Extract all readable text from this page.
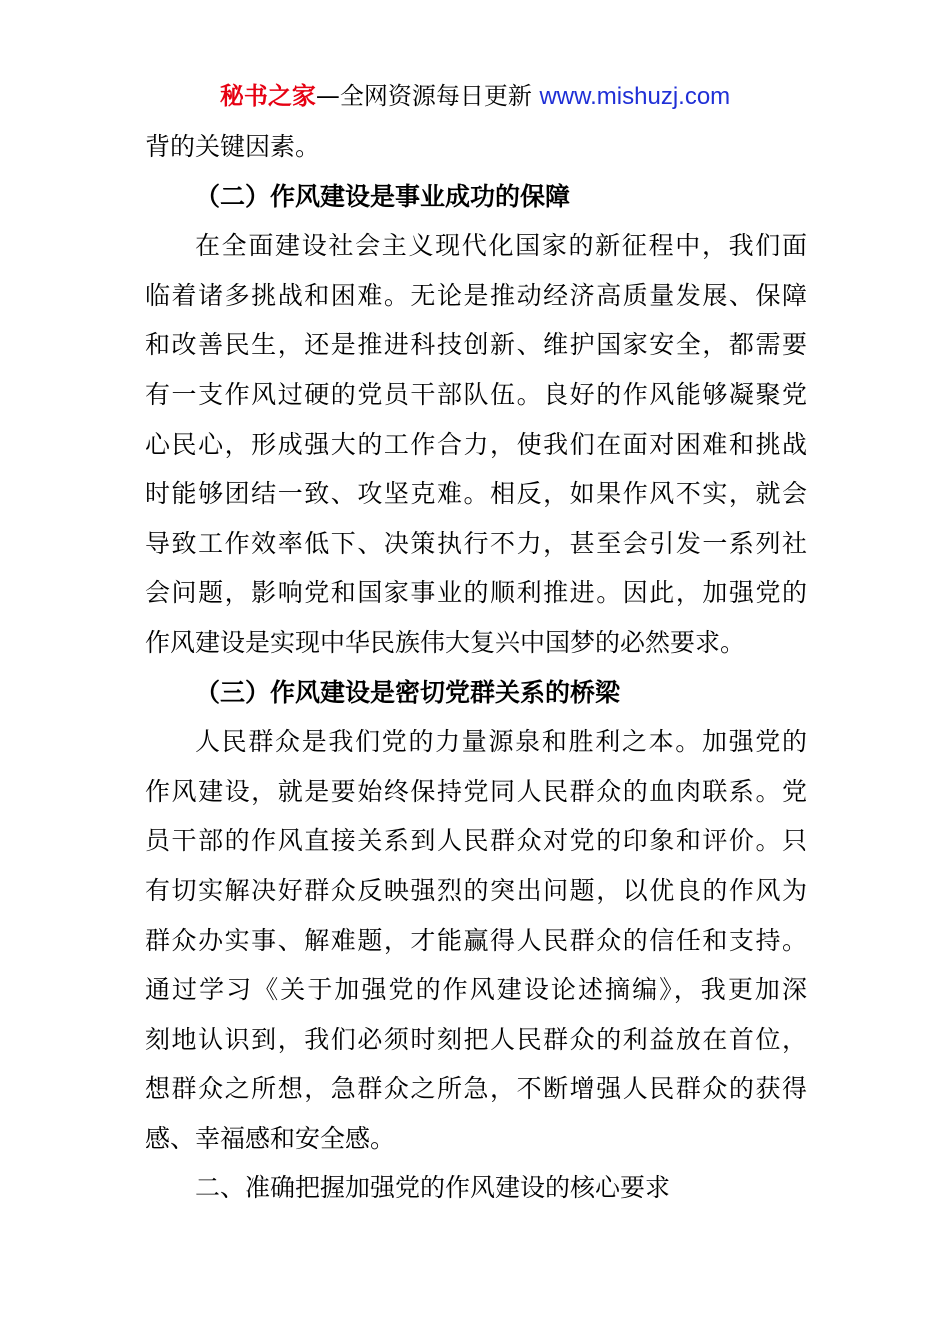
秘书之家—全网资源每日更新 www.mishuzj.com
背的关键因素。
（二）作风建设是事业成功的保障
在全面建设社会主义现代化国家的新征程中，我们面
临着诸多挑战和困难。无论是推动经济高质量发展、保障
和改善民生，还是推进科技创新、维护国家安全，都需要
有一支作风过硬的党员干部队伍。良好的作风能够凝聚党
心民心，形成强大的工作合力，使我们在面对困难和挑战
时能够团结一致、攻坚克难。相反，如果作风不实，就会
导致工作效率低下、决策执行不力，甚至会引发一系列社
会问题，影响党和国家事业的顺利推进。因此，加强党的
作风建设是实现中华民族伟大复兴中国梦的必然要求。
（三）作风建设是密切党群关系的桥梁
人民群众是我们党的力量源泉和胜利之本。加强党的
作风建设，就是要始终保持党同人民群众的血肉联系。党
员干部的作风直接关系到人民群众对党的印象和评价。只
有切实解决好群众反映强烈的突出问题，以优良的作风为
群众办实事、解难题，才能赢得人民群众的信任和支持。
通过学习《关于加强党的作风建设论述摘编》，我更加深
刻地认识到，我们必须时刻把人民群众的利益放在首位，
想群众之所想，急群众之所急，不断增强人民群众的获得
感、幸福感和安全感。
二、准确把握加强党的作风建设的核心要求
